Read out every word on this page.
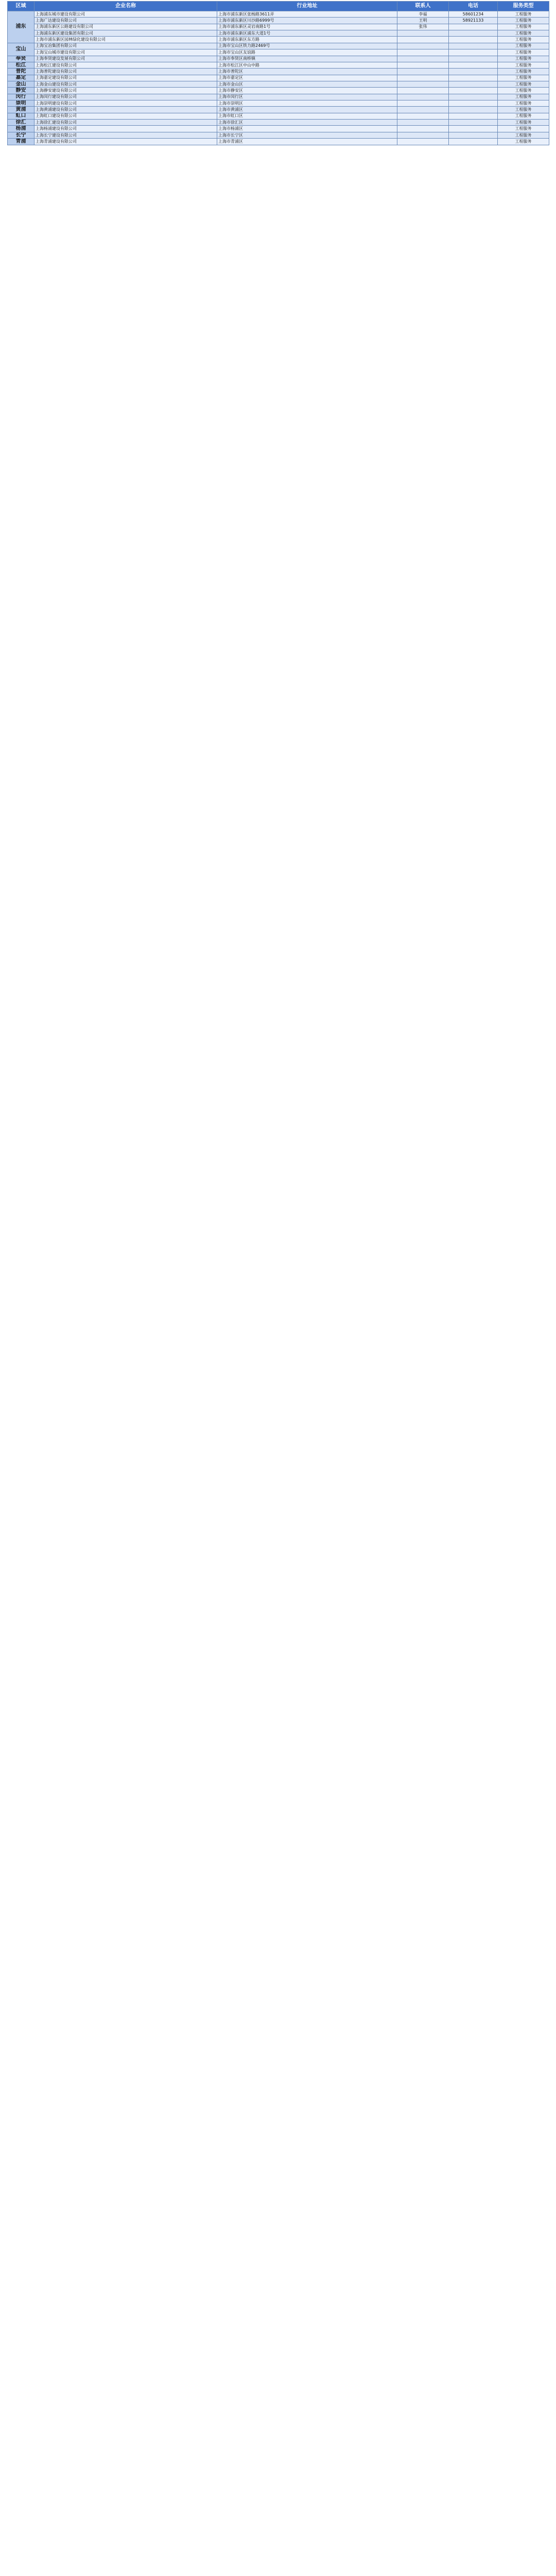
区域	企业名称	行业地址	联系人	电话	服务类型
浦东	上海浦东城市建设有限公司	上海市浦东新区张杨路3611弄	李福	58601234	工程服务
	上海广达建设有限公司	上海市浦东新区川沙路6999号	王明	58921133	工程服务
	上海浦东新区公路建设有限公司	上海市浦东新区灵岩南路1号	张伟		工程服务
	上海浦东新区建设集团有限公司	上海市浦东新区浦东大道1号			工程服务
	上海市浦东新区园林绿化建设有限公司	上海市浦东新区东方路			工程服务
宝山	上海宝冶集团有限公司	上海市宝山区铁力路2469号			工程服务
	上海宝山城市建设有限公司	上海市宝山区友谊路			工程服务
奉贤	上海奉贤建设发展有限公司	上海市奉贤区南桥镇			工程服务
松江	上海松江建设有限公司	上海市松江区中山中路			工程服务
普陀	上海普陀建设有限公司	上海市普陀区			工程服务
嘉定	上海嘉定建设有限公司	上海市嘉定区			工程服务
金山	上海金山建设有限公司	上海市金山区			工程服务
静安	上海静安建设有限公司	上海市静安区			工程服务
闵行	上海闵行建设有限公司	上海市闵行区			工程服务
崇明	上海崇明建设有限公司	上海市崇明区			工程服务
黄浦	上海黄浦建设有限公司	上海市黄浦区			工程服务
虹口	上海虹口建设有限公司	上海市虹口区			工程服务
徐汇	上海徐汇建设有限公司	上海市徐汇区			工程服务
杨浦	上海杨浦建设有限公司	上海市杨浦区			工程服务
长宁	上海长宁建设有限公司	上海市长宁区			工程服务
青浦	上海青浦建设有限公司	上海市青浦区			工程服务
